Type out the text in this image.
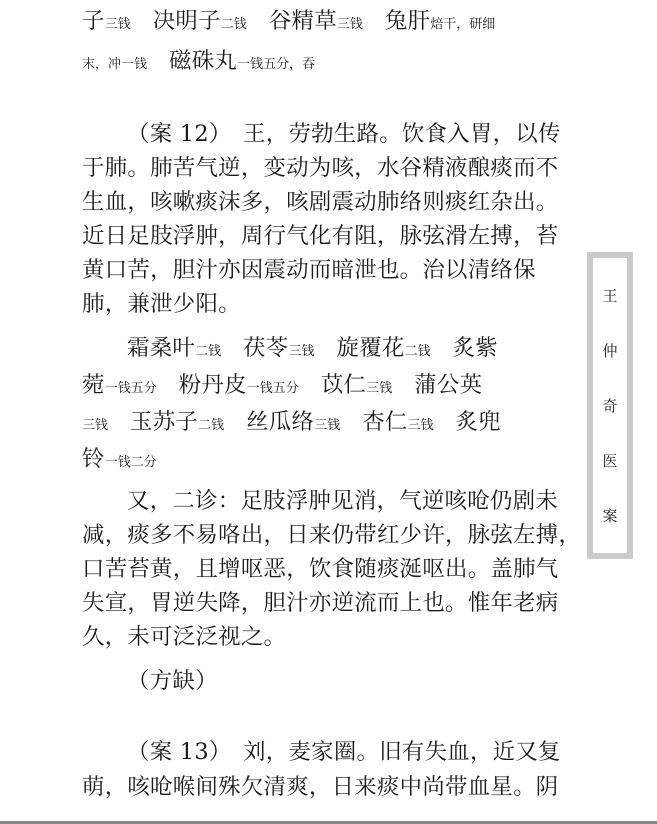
子三钱 决明子二钱 谷精草三钱 兔肝焙干，研细
末，冲一钱 磁硃丸一钱五分，吞
（案 12）　王，劳勃生路。饮食入胃，以传
于肺。肺苦气逆，变动为咳，水谷精液酿痰而不
生血，咳嗽痰沫多，咳剧震动肺络则痰红杂出。
近日足肢浮肿，周行气化有阻，脉弦滑左搏，苔
黄口苦，胆汁亦因震动而暗泄也。治以清络保
肺，兼泄少阳。
霜桑叶二钱 茯苓三钱 旋覆花二钱 炙紫
菀一钱五分 粉丹皮一钱五分 苡仁三钱 蒲公英
三钱 玉苏子二钱 丝瓜络三钱 杏仁三钱 炙兜
铃一钱二分
又，二诊：足肢浮肿见消，气逆咳呛仍剧未
减，痰多不易咯出，日来仍带红少许，脉弦左搏，
口苦苔黄，且增呕恶，饮食随痰涎呕出。盖肺气
失宣，胃逆失降，胆汁亦逆流而上也。惟年老病
久，未可泛泛视之。
（方缺）
（案 13）　刘，麦家圈。旧有失血，近又复
萌，咳呛喉间殊欠清爽，日来痰中尚带血星。阴
王
仲
奇
医
案
